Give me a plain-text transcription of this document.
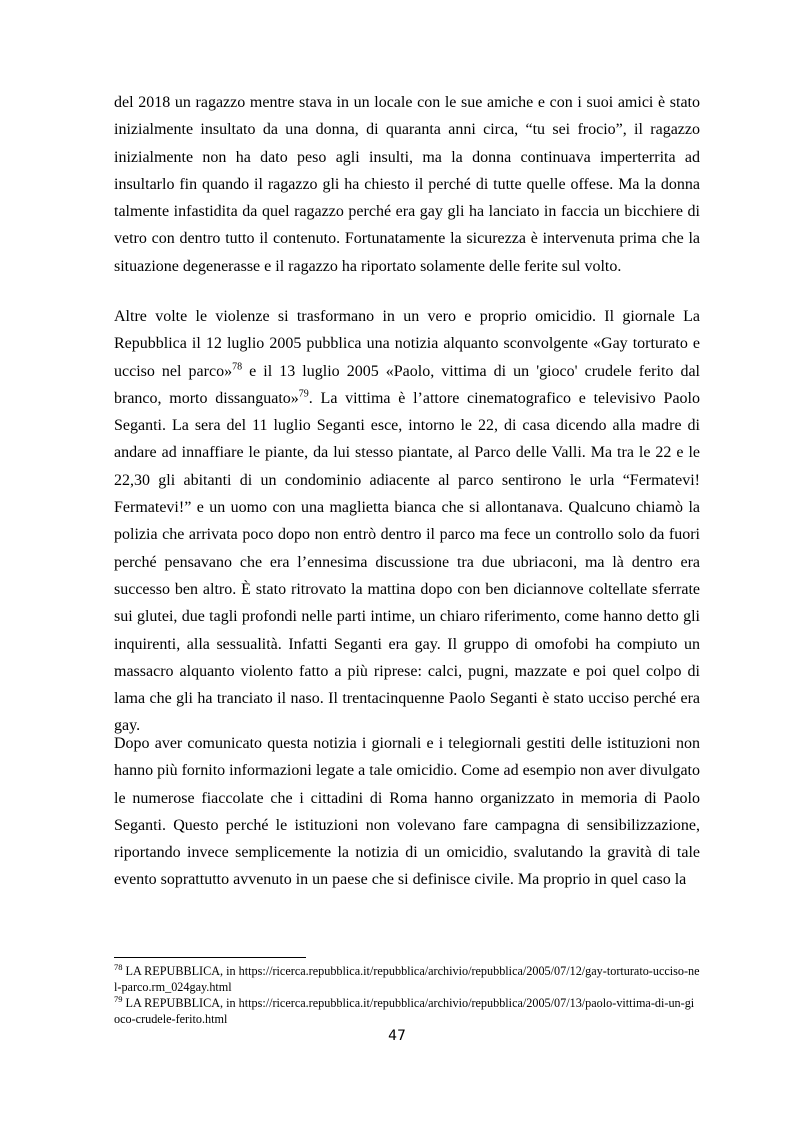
del 2018 un ragazzo mentre stava in un locale con le sue amiche e con i suoi amici è stato inizialmente insultato da una donna, di quaranta anni circa, “tu sei frocio”, il ragazzo inizialmente non ha dato peso agli insulti, ma la donna continuava imperterrita ad insultarlo fin quando il ragazzo gli ha chiesto il perché di tutte quelle offese. Ma la donna talmente infastidita da quel ragazzo perché era gay gli ha lanciato in faccia un bicchiere di vetro con dentro tutto il contenuto. Fortunatamente la sicurezza è intervenuta prima che la situazione degenerasse e il ragazzo ha riportato solamente delle ferite sul volto.

Altre volte le violenze si trasformano in un vero e proprio omicidio. Il giornale La Repubblica il 12 luglio 2005 pubblica una notizia alquanto sconvolgente «Gay torturato e ucciso nel parco»$^{78}$ e il 13 luglio 2005 «Paolo, vittima di un 'gioco' crudele ferito dal branco, morto dissanguato»$^{79}$. La vittima è l’attore cinematografico e televisivo Paolo Seganti. La sera del 11 luglio Seganti esce, intorno le 22, di casa dicendo alla madre di andare ad innaffiare le piante, da lui stesso piantate, al Parco delle Valli. Ma tra le 22 e le 22,30 gli abitanti di un condominio adiacente al parco sentirono le urla “Fermatevi! Fermatevi!” e un uomo con una maglietta bianca che si allontanava. Qualcuno chiamò la polizia che arrivata poco dopo non entrò dentro il parco ma fece un controllo solo da fuori perché pensavano che era l’ennesima discussione tra due ubriaconi, ma là dentro era successo ben altro. È stato ritrovato la mattina dopo con ben diciannove coltellate sferrate sui glutei, due tagli profondi nelle parti intime, un chiaro riferimento, come hanno detto gli inquirenti, alla sessualità. Infatti Seganti era gay. Il gruppo di omofobi ha compiuto un massacro alquanto violento fatto a più riprese: calci, pugni, mazzate e poi quel colpo di lama che gli ha tranciato il naso. Il trentacinquenne Paolo Seganti è stato ucciso perché era gay.

Dopo aver comunicato questa notizia i giornali e i telegiornali gestiti delle istituzioni non hanno più fornito informazioni legate a tale omicidio. Come ad esempio non aver divulgato le numerose fiaccolate che i cittadini di Roma hanno organizzato in memoria di Paolo Seganti. Questo perché le istituzioni non volevano fare campagna di sensibilizzazione, riportando invece semplicemente la notizia di un omicidio, svalutando la gravità di tale evento soprattutto avvenuto in un paese che si definisce civile. Ma proprio in quel caso la

$^{78}$ LA REPUBBLICA, in https://ricerca.repubblica.it/repubblica/archivio/repubblica/2005/07/12/gay-torturato-ucciso-nel-parco.rm_024gay.html

$^{79}$ LA REPUBBLICA, in https://ricerca.repubblica.it/repubblica/archivio/repubblica/2005/07/13/paolo-vittima-di-un-gioco-crudele-ferito.html

47
